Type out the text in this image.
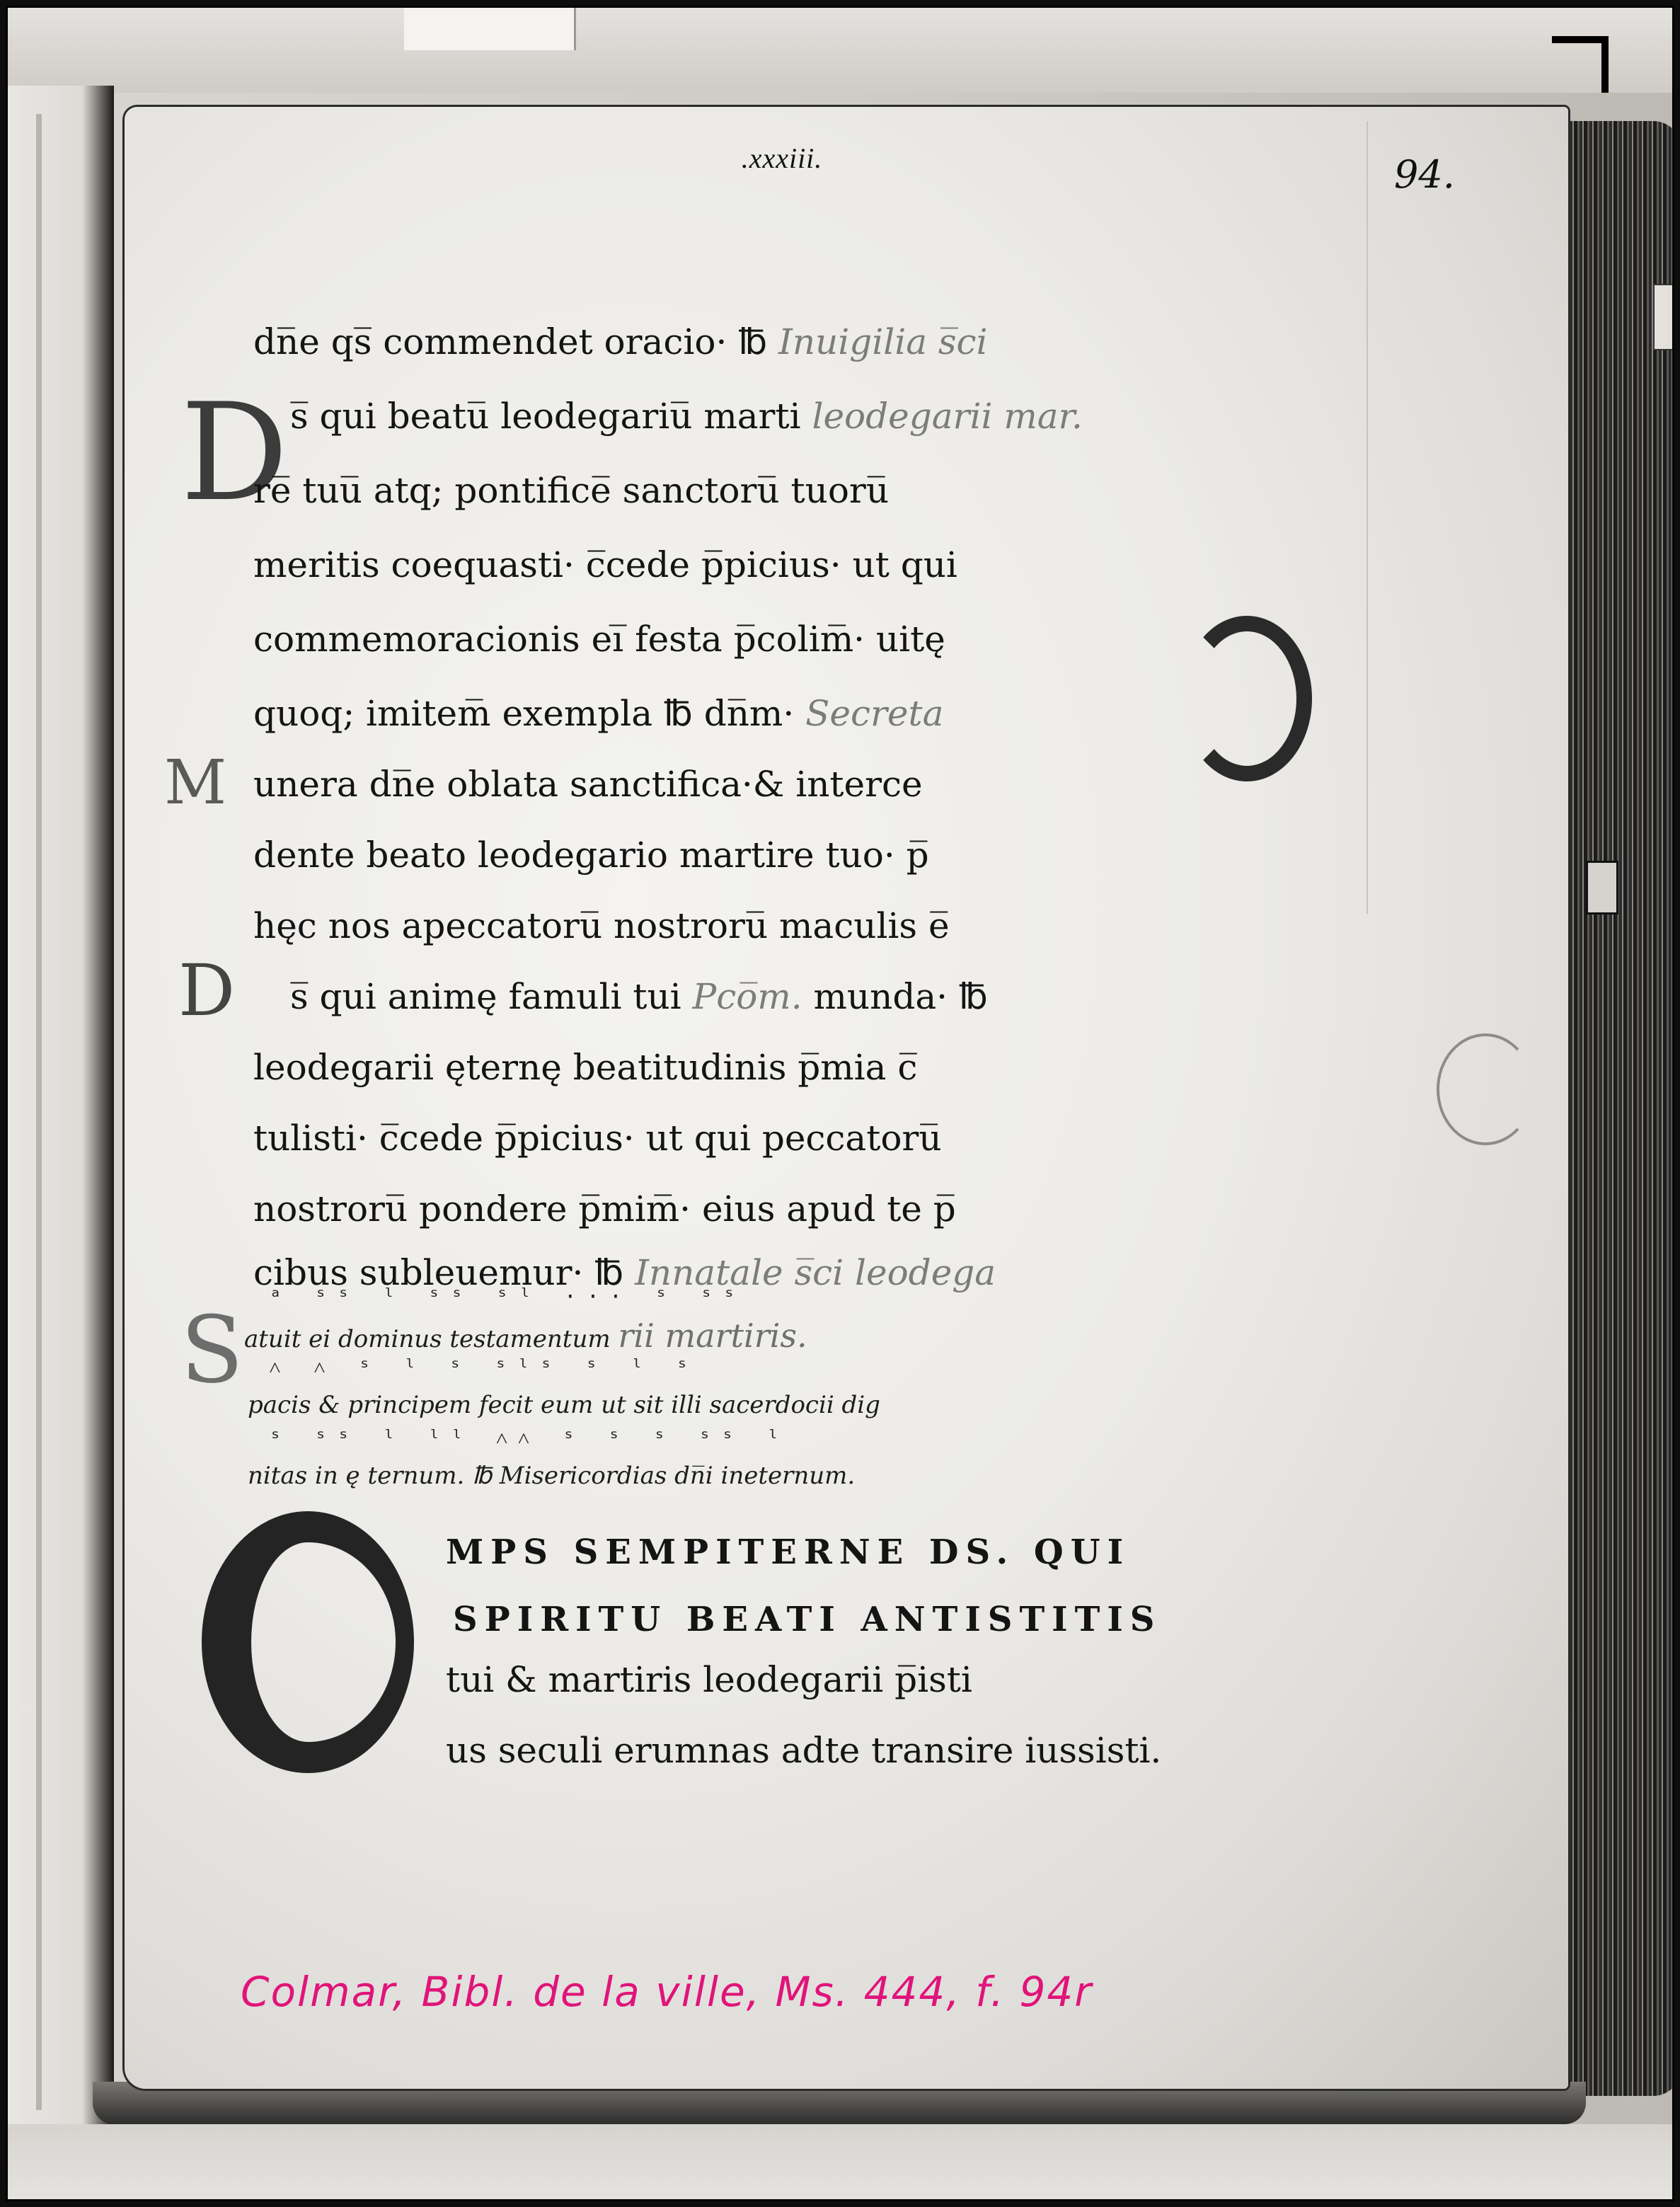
.xxxiii.	94.
D
M
D
S
dn̅e qs̅ commendet oracio· ℔ Inuigilia s̅ci
s̅ qui beatu̅ leodegariu̅ marti leodegarii mar.
re̅ tuu̅ atq; pontifice̅ sanctoru̅ tuoru̅
meritis coequasti· c̅cede p̅picius· ut qui
commemoracionis ei̅ festa p̅colim̅· uitę
quoq; imitem̅ exempla ℔ dn̅m· Secreta
unera dn̅e oblata sanctifica·& interce
dente beato leodegario martire tuo· p̅
hęc nos apeccatoru̅ nostroru̅ maculis e̅
s̅ qui animę famuli tui Pco̅m. munda· ℔
leodegarii ęternę beatitudinis p̅mia c̅
tulisti· c̅cede p̅picius· ut qui peccatoru̅
nostroru̅ pondere p̅mim̅· eius apud te p̅
cibus subleuemur· ℔ Innatale s̅ci leodega
ᵃ ˢˢ ˡ ˢˢ ˢˡ ··· ˢ ˢˢ
atuit ei dominus testamentum rii martiris.
˄ ˄ ˢ ˡ ˢ ˢˡˢ ˢ ˡ ˢ
pacis & principem fecit eum ut sit illi sacerdocii dig
ˢ ˢˢ ˡ ˡˡ ˄˄ ˢ ˢ ˢ ˢˢ ˡ
nitas in ę ternum. ℔ Misericordias dn̅i ineternum.
MPS SEMPITERNE DS. QUI
SPIRITU BEATI ANTISTITIS
tui & martiris leodegarii p̅isti
us seculi erumnas adte transire iussisti.
Colmar, Bibl. de la ville, Ms. 444, f. 94r
